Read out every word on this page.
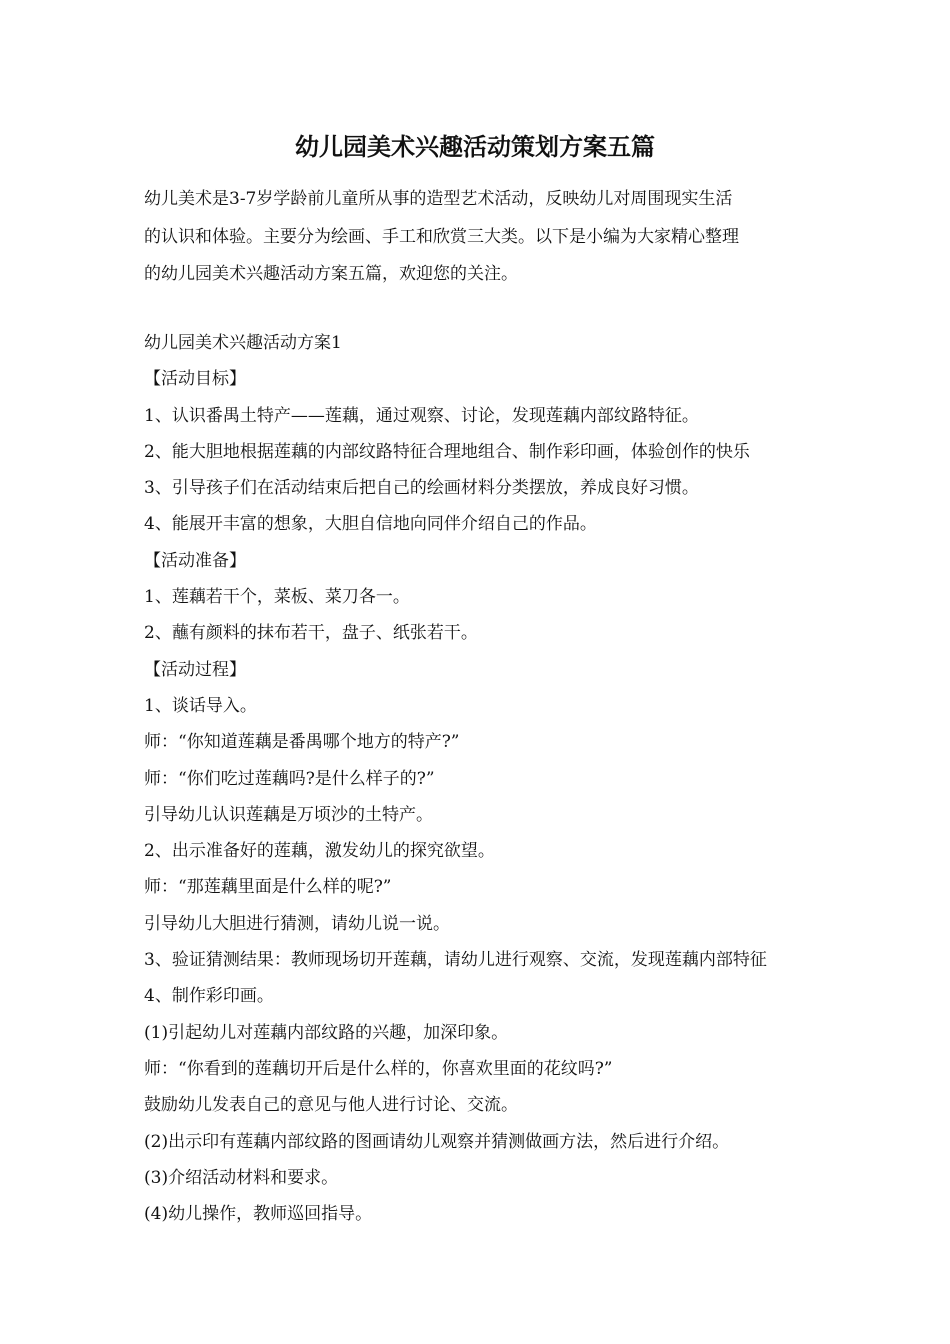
幼儿园美术兴趣活动策划方案五篇
幼儿美术是3-7岁学龄前儿童所从事的造型艺术活动，反映幼儿对周围现实生活
的认识和体验。主要分为绘画、手工和欣赏三大类。以下是小编为大家精心整理
的幼儿园美术兴趣活动方案五篇，欢迎您的关注。
幼儿园美术兴趣活动方案1
【活动目标】
1、认识番禺土特产——莲藕，通过观察、讨论，发现莲藕内部纹路特征。
2、能大胆地根据莲藕的内部纹路特征合理地组合、制作彩印画，体验创作的快乐
3、引导孩子们在活动结束后把自己的绘画材料分类摆放，养成良好习惯。
4、能展开丰富的想象，大胆自信地向同伴介绍自己的作品。
【活动准备】
1、莲藕若干个，菜板、菜刀各一。
2、蘸有颜料的抹布若干，盘子、纸张若干。
【活动过程】
1、谈话导入。
师：“你知道莲藕是番禺哪个地方的特产?”
师：“你们吃过莲藕吗?是什么样子的?”
引导幼儿认识莲藕是万顷沙的土特产。
2、出示准备好的莲藕，激发幼儿的探究欲望。
师：“那莲藕里面是什么样的呢?”
引导幼儿大胆进行猜测，请幼儿说一说。
3、验证猜测结果：教师现场切开莲藕，请幼儿进行观察、交流，发现莲藕内部特征
4、制作彩印画。
(1)引起幼儿对莲藕内部纹路的兴趣，加深印象。
师：“你看到的莲藕切开后是什么样的，你喜欢里面的花纹吗?”
鼓励幼儿发表自己的意见与他人进行讨论、交流。
(2)出示印有莲藕内部纹路的图画请幼儿观察并猜测做画方法，然后进行介绍。
(3)介绍活动材料和要求。
(4)幼儿操作，教师巡回指导。
